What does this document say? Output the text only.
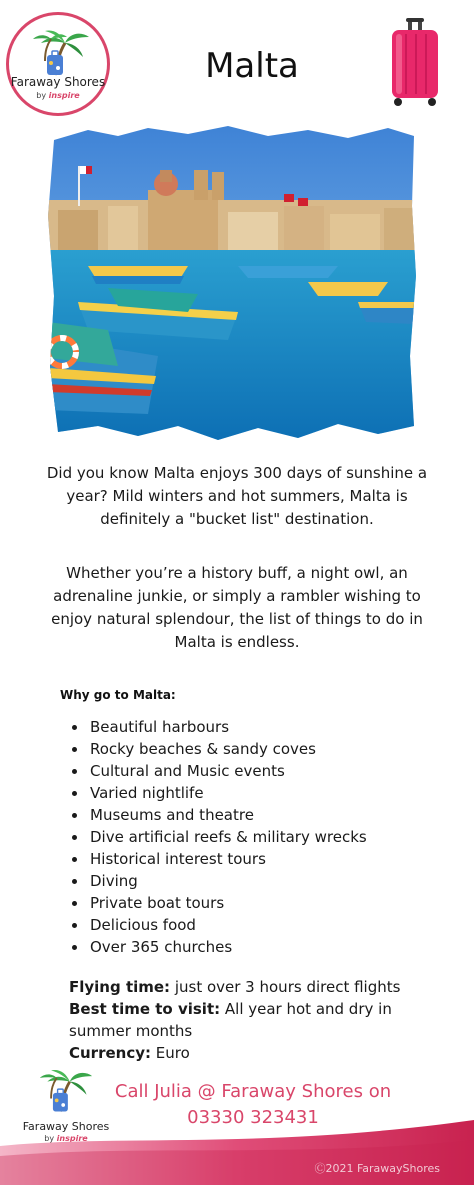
Faraway Shores
by inspire
Malta
Did you know Malta enjoys 300 days of sunshine a year? Mild winters and hot summers, Malta is definitely a "bucket list" destination.
Whether you’re a history buff, a night owl, an adrenaline junkie, or simply a rambler wishing to enjoy natural splendour, the list of things to do in Malta is endless.
Why go to Malta:
• Beautiful harbours
• Rocky beaches & sandy coves
• Cultural and Music events
• Varied nightlife
• Museums and theatre
• Dive artificial reefs & military wrecks
• Historical interest tours
• Diving
• Private boat tours
• Delicious food
• Over 365 churches
Flying time: just over 3 hours direct flights
Best time to visit: All year hot and dry in summer months
Currency: Euro
Faraway Shores
by inspire
Call Julia @ Faraway Shores on
03330 323431
Ⓒ2021 FarawayShores
